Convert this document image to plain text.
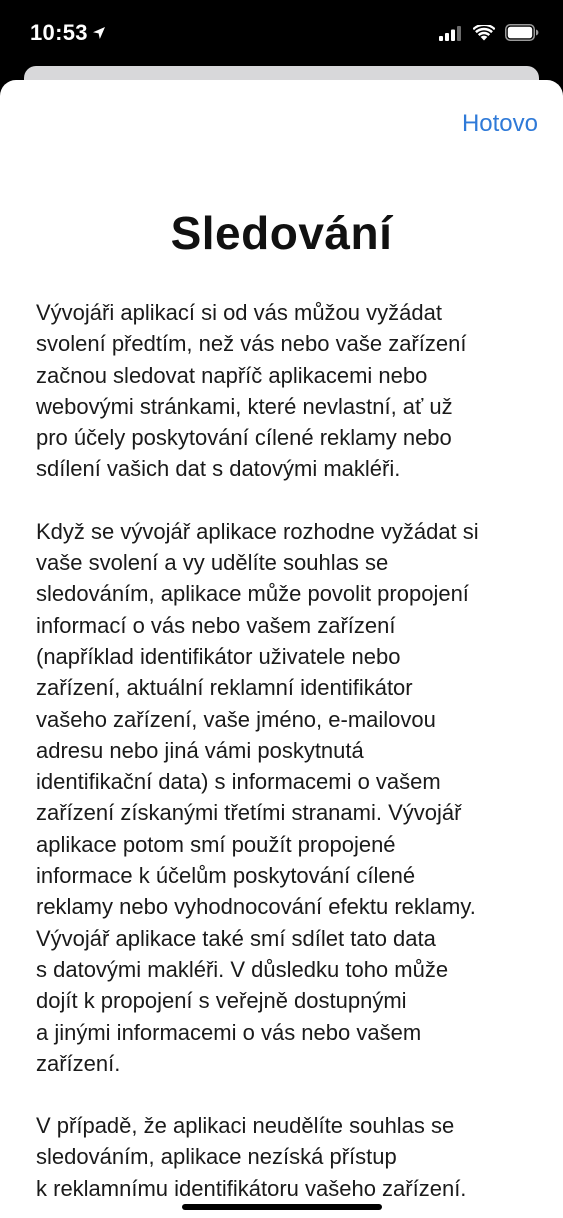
10:53
Hotovo
Sledování
Vývojáři aplikací si od vás můžou vyžádat
svolení předtím, než vás nebo vaše zařízení
začnou sledovat napříč aplikacemi nebo
webovými stránkami, které nevlastní, ať už
pro účely poskytování cílené reklamy nebo
sdílení vašich dat s datovými makléři.
Když se vývojář aplikace rozhodne vyžádat si
vaše svolení a vy udělíte souhlas se
sledováním, aplikace může povolit propojení
informací o vás nebo vašem zařízení
(například identifikátor uživatele nebo
zařízení, aktuální reklamní identifikátor
vašeho zařízení, vaše jméno, e-mailovou
adresu nebo jiná vámi poskytnutá
identifikační data) s informacemi o vašem
zařízení získanými třetími stranami. Vývojář
aplikace potom smí použít propojené
informace k účelům poskytování cílené
reklamy nebo vyhodnocování efektu reklamy.
Vývojář aplikace také smí sdílet tato data
s datovými makléři. V důsledku toho může
dojít k propojení s veřejně dostupnými
a jinými informacemi o vás nebo vašem
zařízení.
V případě, že aplikaci neudělíte souhlas se
sledováním, aplikace nezíská přístup
k reklamnímu identifikátoru vašeho zařízení.
